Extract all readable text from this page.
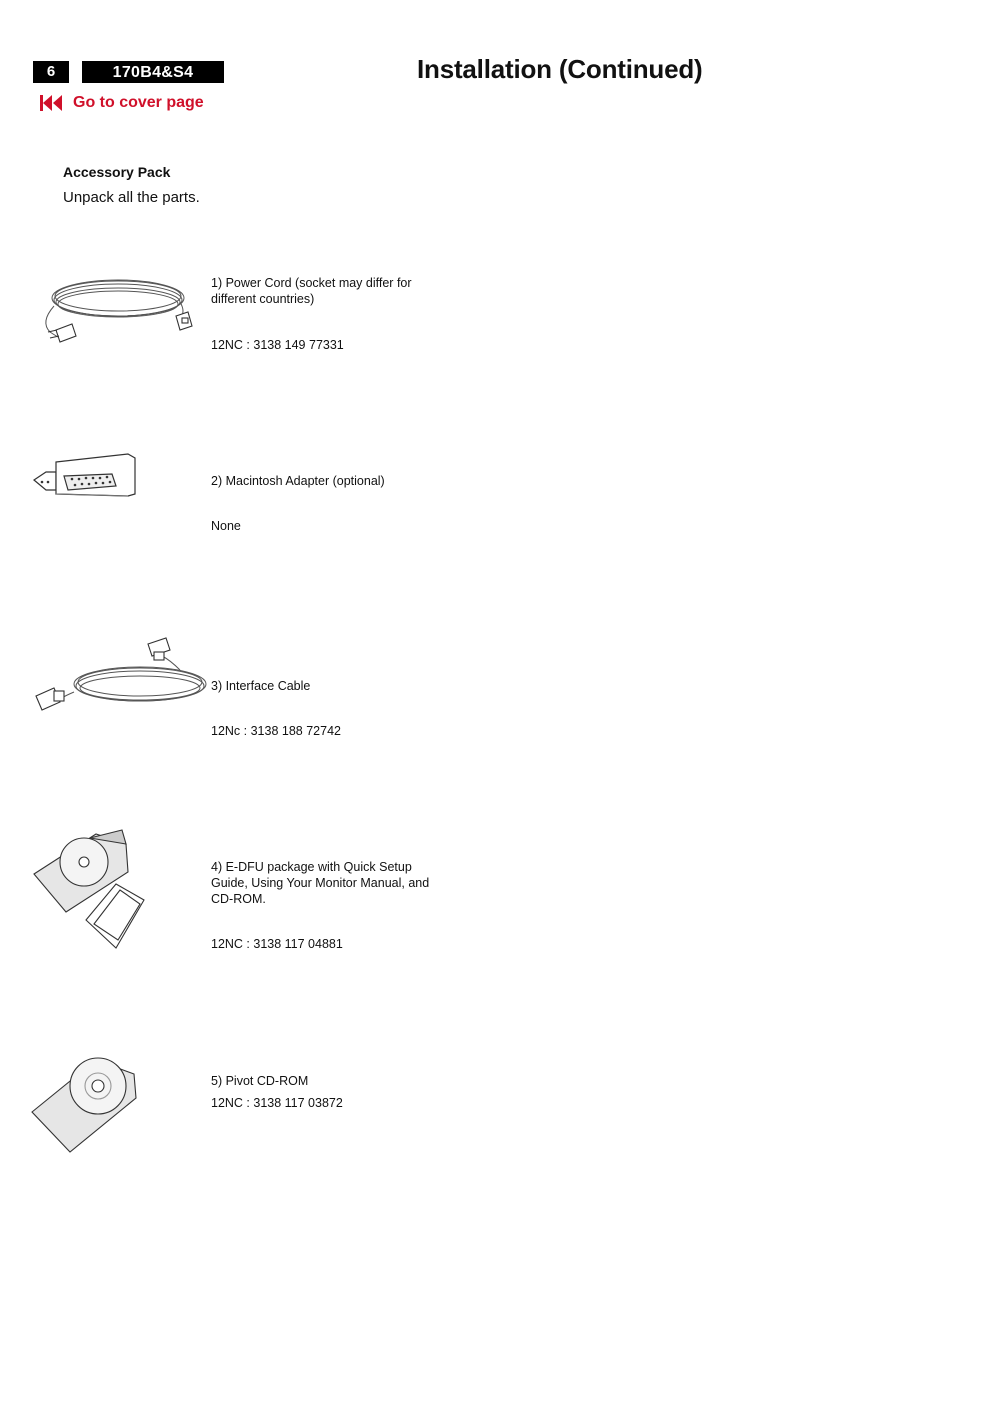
6	170B4&S4	Installation (Continued)
Go to cover page
Accessory Pack
Unpack all the parts.
1) Power Cord (socket may differ for different countries)
12NC : 3138 149 77331
2) Macintosh Adapter (optional)
None
3) Interface Cable
12Nc : 3138 188 72742
4) E-DFU package with Quick Setup Guide, Using Your Monitor Manual, and CD-ROM.
12NC : 3138 117 04881
5) Pivot CD-ROM
12NC : 3138 117 03872
